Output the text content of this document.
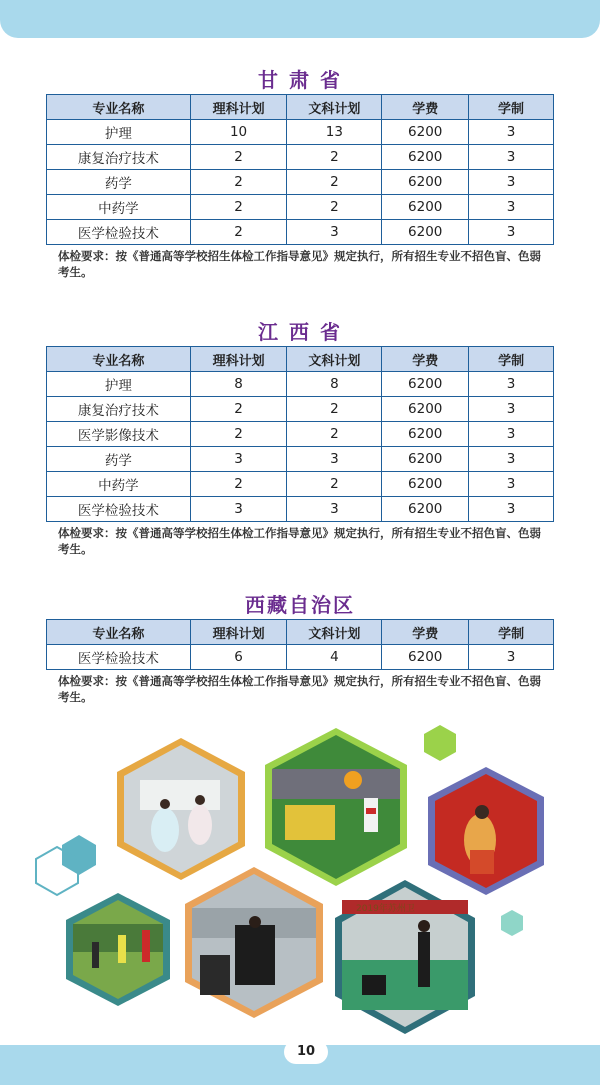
甘 肃 省
专业名称	理科计划	文科计划	学费	学制
护理	10	13	6200	3
康复治疗技术	2	2	6200	3
药学	2	2	6200	3
中药学	2	2	6200	3
医学检验技术	2	3	6200	3
体检要求：按《普通高等学校招生体检工作指导意见》规定执行，所有招生专业不招色盲、色弱考生。
江 西 省
专业名称	理科计划	文科计划	学费	学制
护理	8	8	6200	3
康复治疗技术	2	2	6200	3
医学影像技术	2	2	6200	3
药学	3	3	6200	3
中药学	2	2	6200	3
医学检验技术	3	3	6200	3
体检要求：按《普通高等学校招生体检工作指导意见》规定执行，所有招生专业不招色盲、色弱考生。
西藏自治区
专业名称	理科计划	文科计划	学费	学制
医学检验技术	6	4	6200	3
体检要求：按《普通高等学校招生体检工作指导意见》规定执行，所有招生专业不招色盲、色弱考生。
2019年苏州卫
10
